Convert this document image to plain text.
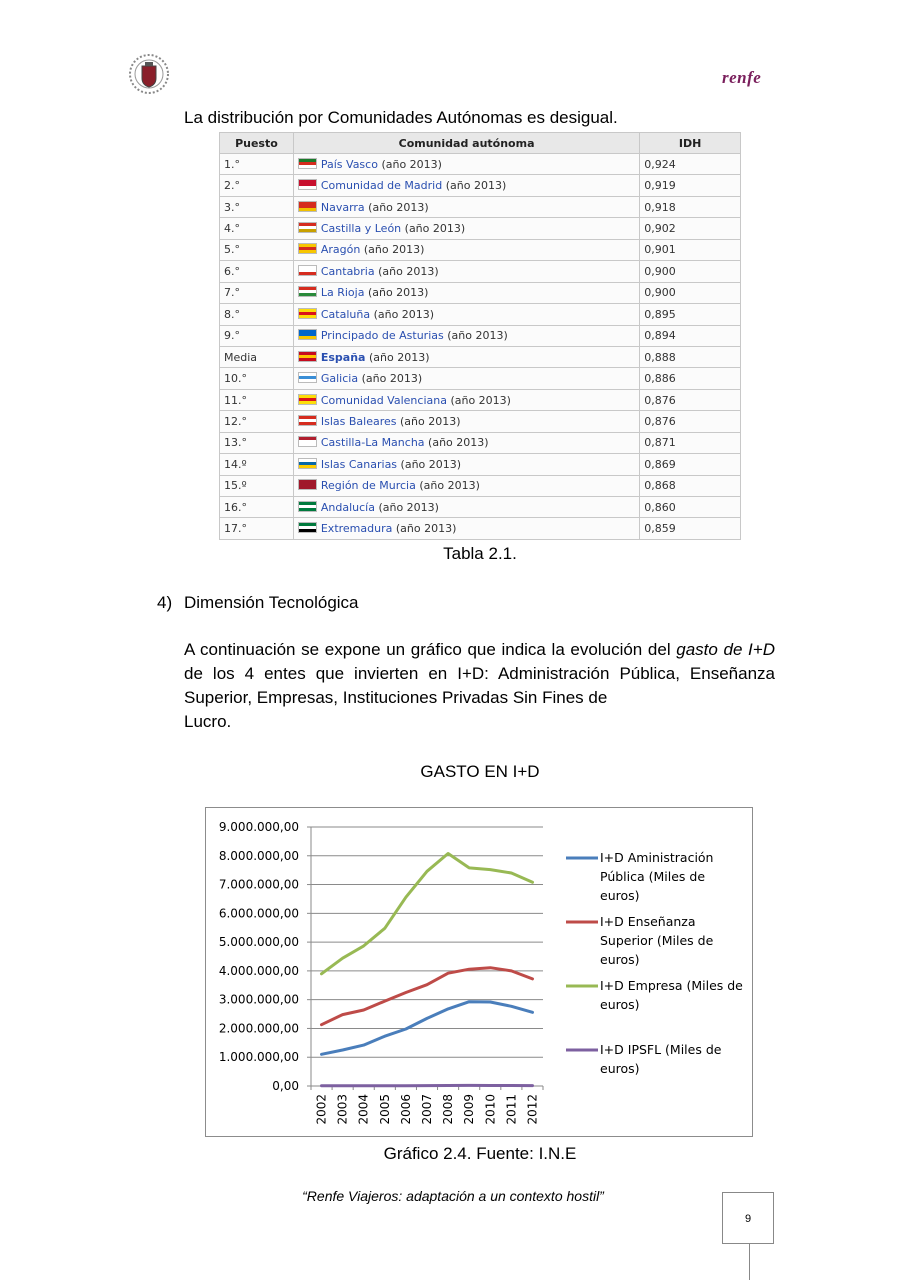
renfe
La distribución por Comunidades Autónomas es desigual.
Puesto	Comunidad autónoma	IDH
1.°	País Vasco (año 2013)	0,924
2.°	Comunidad de Madrid (año 2013)	0,919
3.°	Navarra (año 2013)	0,918
4.°	Castilla y León (año 2013)	0,902
5.°	Aragón (año 2013)	0,901
6.°	Cantabria (año 2013)	0,900
7.°	La Rioja (año 2013)	0,900
8.°	Cataluña (año 2013)	0,895
9.°	Principado de Asturias (año 2013)	0,894
Media	España (año 2013)	0,888
10.°	Galicia (año 2013)	0,886
11.°	Comunidad Valenciana (año 2013)	0,876
12.°	Islas Baleares (año 2013)	0,876
13.°	Castilla-La Mancha (año 2013)	0,871
14.º	Islas Canarias (año 2013)	0,869
15.º	Región de Murcia (año 2013)	0,868
16.°	Andalucía (año 2013)	0,860
17.°	Extremadura (año 2013)	0,859
Tabla 2.1.
4) Dimensión Tecnológica
A continuación se expone un gráfico que indica la evolución del gasto de I+D de los 4 entes que invierten en I+D: Administración Pública, Enseñanza Superior, Empresas, Instituciones Privadas Sin Fines de
Lucro.
GASTO EN I+D
0,00
1.000.000,00
2.000.000,00
3.000.000,00
4.000.000,00
5.000.000,00
6.000.000,00
7.000.000,00
8.000.000,00
9.000.000,00
2002 2003 2004 2005 2006 2007 2008 2009 2010 2011 2012
I+D Aministración
Pública (Miles de
euros)
I+D Enseñanza
Superior (Miles de
euros)
I+D Empresa (Miles de
euros)
I+D IPSFL (Miles de
euros)
Gráfico 2.4. Fuente: I.N.E
“Renfe Viajeros: adaptación a un contexto hostil”
9
